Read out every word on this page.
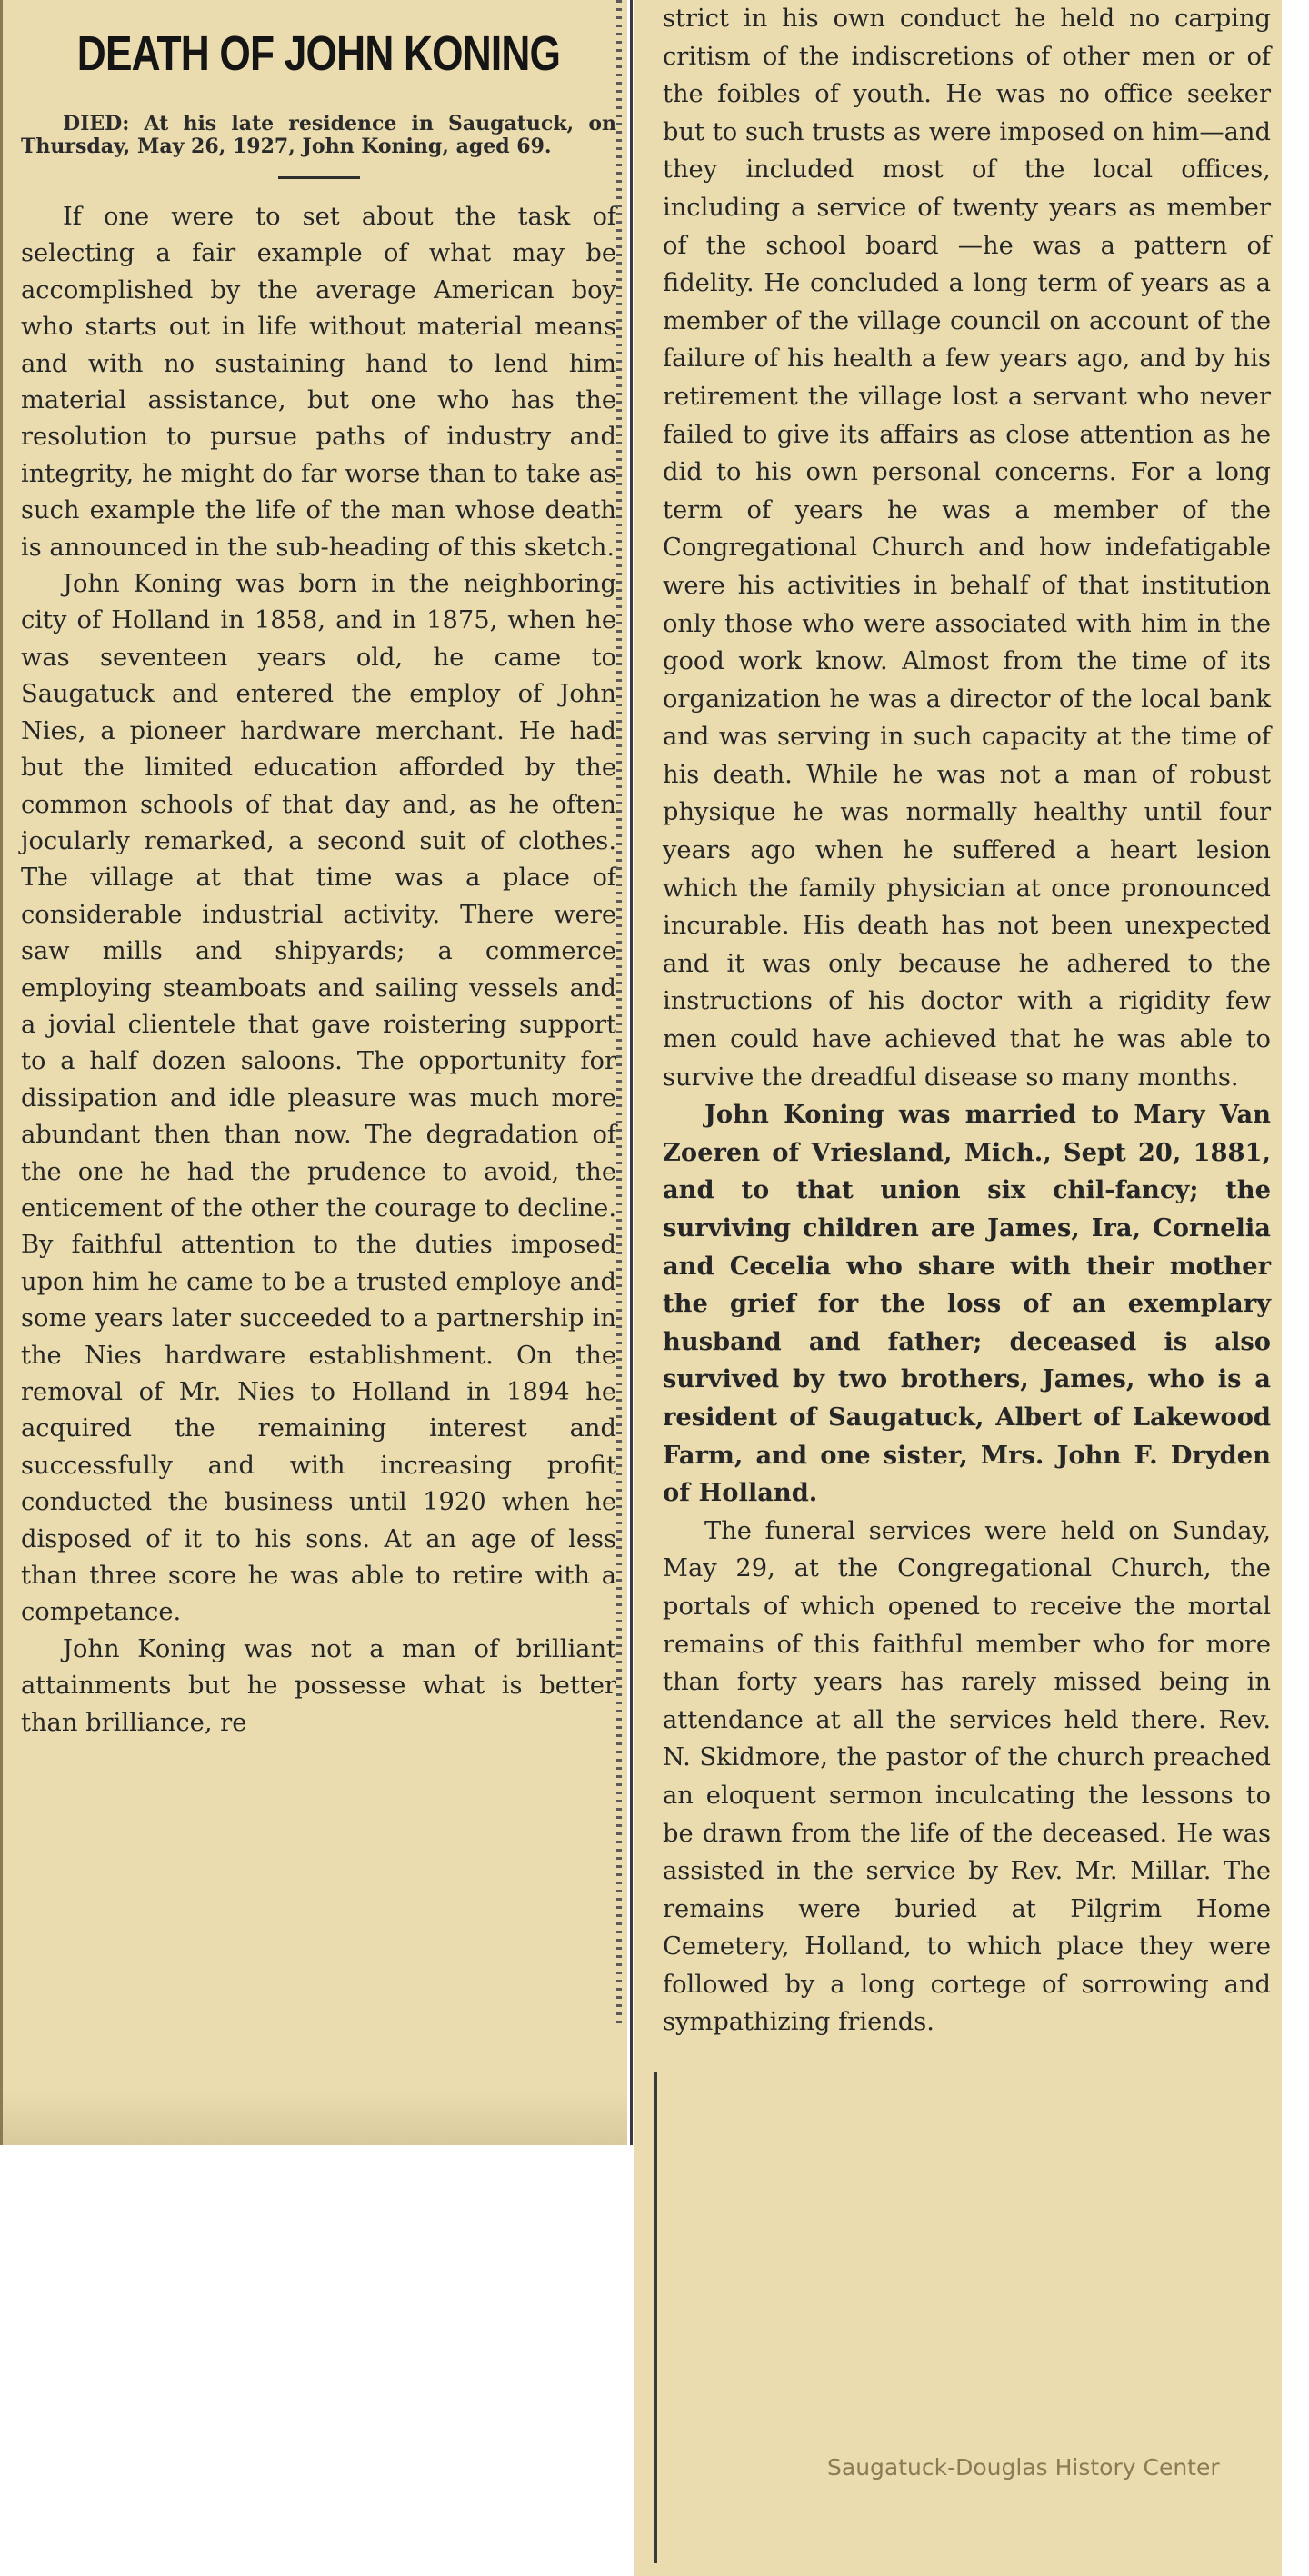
DEATH OF JOHN KONING

DIED: At his late residence in Saugatuck, on Thursday, May 26, 1927, John Koning, aged 69.

If one were to set about the task of selecting a fair example of what may be accomplished by the average American boy who starts out in life without material means and with no sustaining hand to lend him material assistance, but one who has the resolution to pursue paths of industry and integrity, he might do far worse than to take as such example the life of the man whose death is announced in the sub-heading of this sketch.

John Koning was born in the neighboring city of Holland in 1858, and in 1875, when he was seventeen years old, he came to Saugatuck and entered the employ of John Nies, a pioneer hardware merchant. He had but the limited education afforded by the common schools of that day and, as he often jocularly remarked, a second suit of clothes. The village at that time was a place of considerable industrial activity. There were saw mills and shipyards; a commerce employing steamboats and sailing vessels and a jovial clientele that gave roistering support to a half dozen saloons. The opportunity for dissipation and idle pleasure was much more abundant then than now. The degradation of the one he had the prudence to avoid, the enticement of the other the courage to decline. By faithful attention to the duties imposed upon him he came to be a trusted employe and some years later succeeded to a partnership in the Nies hardware establishment. On the removal of Mr. Nies to Holland in 1894 he acquired the remaining interest and successfully and with increasing profit conducted the business until 1920 when he disposed of it to his sons. At an age of less than three score he was able to retire with a competance.

John Koning was not a man of brilliant attainments but he possesse what is better than brilliance, re

strict in his own conduct he held no carping critism of the indiscretions of other men or of the foibles of youth. He was no office seeker but to such trusts as were imposed on him—and they included most of the local offices, including a service of twenty years as member of the school board —he was a pattern of fidelity. He concluded a long term of years as a member of the village council on account of the failure of his health a few years ago, and by his retirement the village lost a servant who never failed to give its affairs as close attention as he did to his own personal concerns. For a long term of years he was a member of the Congregational Church and how indefatigable were his activities in behalf of that institution only those who were associated with him in the good work know. Almost from the time of its organization he was a director of the local bank and was serving in such capacity at the time of his death. While he was not a man of robust physique he was normally healthy until four years ago when he suffered a heart lesion which the family physician at once pronounced incurable. His death has not been unexpected and it was only because he adhered to the instructions of his doctor with a rigidity few men could have achieved that he was able to survive the dreadful disease so many months.

John Koning was married to Mary Van Zoeren of Vriesland, Mich., Sept 20, 1881, and to that union six chil-fancy; the surviving children are James, Ira, Cornelia and Cecelia who share with their mother the grief for the loss of an exemplary husband and father; deceased is also survived by two brothers, James, who is a resident of Saugatuck, Albert of Lakewood Farm, and one sister, Mrs. John F. Dryden of Holland.

The funeral services were held on Sunday, May 29, at the Congregational Church, the portals of which opened to receive the mortal remains of this faithful member who for more than forty years has rarely missed being in attendance at all the services held there. Rev. N. Skidmore, the pastor of the church preached an eloquent sermon inculcating the lessons to be drawn from the life of the deceased. He was assisted in the service by Rev. Mr. Millar. The remains were buried at Pilgrim Home Cemetery, Holland, to which place they were followed by a long cortege of sorrowing and sympathizing friends.

Saugatuck-Douglas History Center
